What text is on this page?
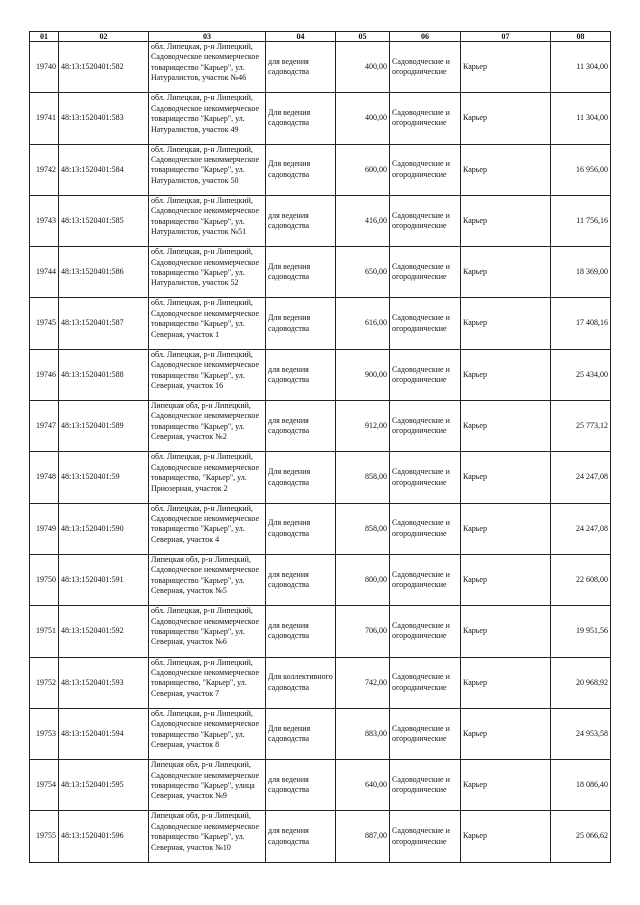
01	02	03	04	05	06	07	08
19740	48:13:1520401:582	обл. Липецкая, р-н Липецкий, Садоводческое некоммерческое товарищество "Карьер", ул. Натуралистов, участок №46	для ведения садоводства	400,00	Садоводческие и огороднические	Карьер	11 304,00
19741	48:13:1520401:583	обл. Липецкая, р-н Липецкий, Садоводческое некоммерческое товарищество "Карьер", ул. Натуралистов, участок 49	Для ведения садоводства	400,00	Садоводческие и огороднические	Карьер	11 304,00
19742	48:13:1520401:584	обл. Липецкая, р-н Липецкий, Садоводческое некоммерческое товарищество "Карьер", ул. Натуралистов, участок 50	Для ведения садоводства	600,00	Садоводческие и огороднические	Карьер	16 956,00
19743	48:13:1520401:585	обл. Липецкая, р-н Липецкий, Садоводческое некоммерческое товарищество "Карьер", ул. Натуралистов, участок №51	для ведения садоводства	416,00	Садоводческие и огороднические	Карьер	11 756,16
19744	48:13:1520401:586	обл. Липецкая, р-н Липецкий, Садоводческое некоммерческое товарищество "Карьер", ул. Натуралистов, участок 52	Для ведения садоводства	650,00	Садоводческие и огороднические	Карьер	18 369,00
19745	48:13:1520401:587	обл. Липецкая, р-н Липецкий, Садоводческое некоммерческое товарищество "Карьер", ул. Северная, участок 1	Для ведения садоводства	616,00	Садоводческие и огороднические	Карьер	17 408,16
19746	48:13:1520401:588	обл. Липецкая, р-н Липецкий, Садоводческое некоммерческое товарищество "Карьер", ул. Северная, участок 16	для ведения садоводства	900,00	Садоводческие и огороднические	Карьер	25 434,00
19747	48:13:1520401:589	Липецкая обл, р-н Липецкий, Садоводческое некоммерческое товарищество "Карьер", ул. Северная, участок №2	для ведения садоводства	912,00	Садоводческие и огороднические	Карьер	25 773,12
19748	48:13:1520401:59	обл. Липецкая, р-н Липецкий, Садоводческое некоммерческое товарищество, "Карьер", ул. Приозерная, участок 2	Для ведения садоводства	858,00	Садоводческие и огороднические	Карьер	24 247,08
19749	48:13:1520401:590	обл. Липецкая, р-н Липецкий, Садоводческое некоммерческое товарищество "Карьер", ул. Северная, участок 4	Для ведения садоводства	858,00	Садоводческие и огороднические	Карьер	24 247,08
19750	48:13:1520401:591	Липецкая обл, р-н Липецкий, Садоводческое некоммерческое товарищество "Карьер", ул. Северная, участок №5	для ведения садоводства	800,00	Садоводческие и огороднические	Карьер	22 608,00
19751	48:13:1520401:592	обл. Липецкая, р-н Липецкий, Садоводческое некоммерческое товарищество "Карьер", ул. Северная, участок №6	для ведения садоводства	706,00	Садоводческие и огороднические	Карьер	19 951,56
19752	48:13:1520401:593	обл. Липецкая, р-н Липецкий, Садоводческое некоммерческое товарищество, "Карьер", ул. Северная, участок 7	Для коллективного садоводства	742,00	Садоводческие и огороднические	Карьер	20 968,92
19753	48:13:1520401:594	обл. Липецкая, р-н Липецкий, Садоводческое некоммерческое товарищество "Карьер", ул. Северная, участок 8	Для ведения садоводства	883,00	Садоводческие и огороднические	Карьер	24 953,58
19754	48:13:1520401:595	Липецкая обл, р-н Липецкий, Садоводческое некоммерческое товарищество "Карьер", улица Северная, участок №9	для ведения садоводства	640,00	Садоводческие и огороднические	Карьер	18 086,40
19755	48:13:1520401:596	Липецкая обл, р-н Липецкий, Садоводческое некоммерческое товарищество "Карьер", ул. Северная, участок №10	для ведения садоводства	887,00	Садоводческие и огороднические	Карьер	25 066,62
